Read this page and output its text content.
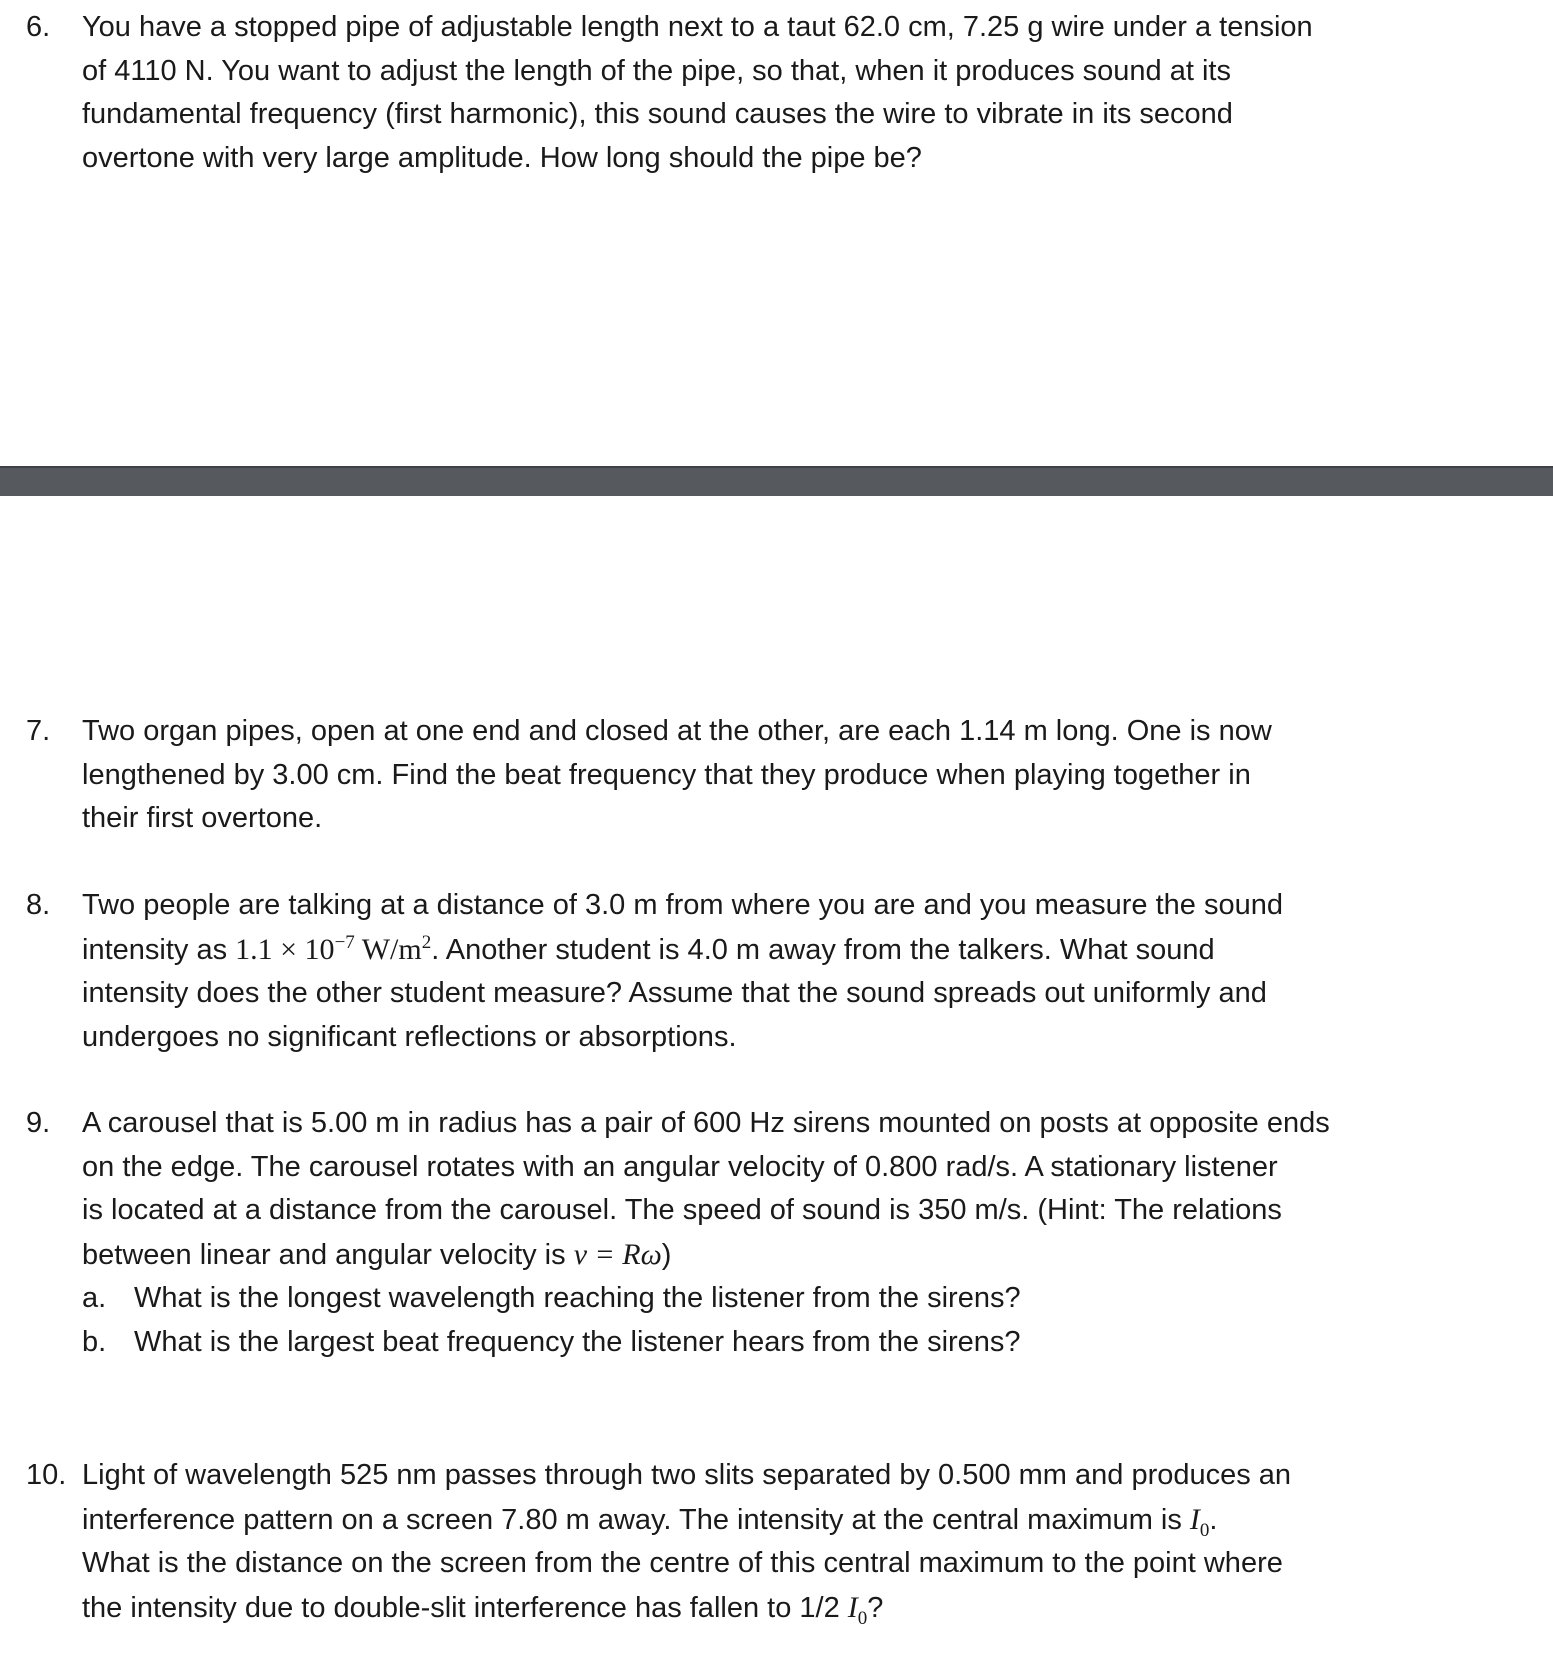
6. You have a stopped pipe of adjustable length next to a taut 62.0 cm, 7.25 g wire under a tension
of 4110 N. You want to adjust the length of the pipe, so that, when it produces sound at its
fundamental frequency (first harmonic), this sound causes the wire to vibrate in its second
overtone with very large amplitude. How long should the pipe be?
7. Two organ pipes, open at one end and closed at the other, are each 1.14 m long. One is now
lengthened by 3.00 cm. Find the beat frequency that they produce when playing together in
their first overtone.
8. Two people are talking at a distance of 3.0 m from where you are and you measure the sound
intensity as $1.1 \times 10^{-7}$ $W/m^2$. Another student is 4.0 m away from the talkers. What sound
intensity does the other student measure? Assume that the sound spreads out uniformly and
undergoes no significant reflections or absorptions.
9. A carousel that is 5.00 m in radius has a pair of 600 Hz sirens mounted on posts at opposite ends
on the edge. The carousel rotates with an angular velocity of 0.800 rad/s. A stationary listener
is located at a distance from the carousel. The speed of sound is 350 m/s. (Hint: The relations
between linear and angular velocity is v = Rω)
a. What is the longest wavelength reaching the listener from the sirens?
b. What is the largest beat frequency the listener hears from the sirens?
10. Light of wavelength 525 nm passes through two slits separated by 0.500 mm and produces an
interference pattern on a screen 7.80 m away. The intensity at the central maximum is $I_0$.
What is the distance on the screen from the centre of this central maximum to the point where
the intensity due to double-slit interference has fallen to 1/2 $I_0$?
